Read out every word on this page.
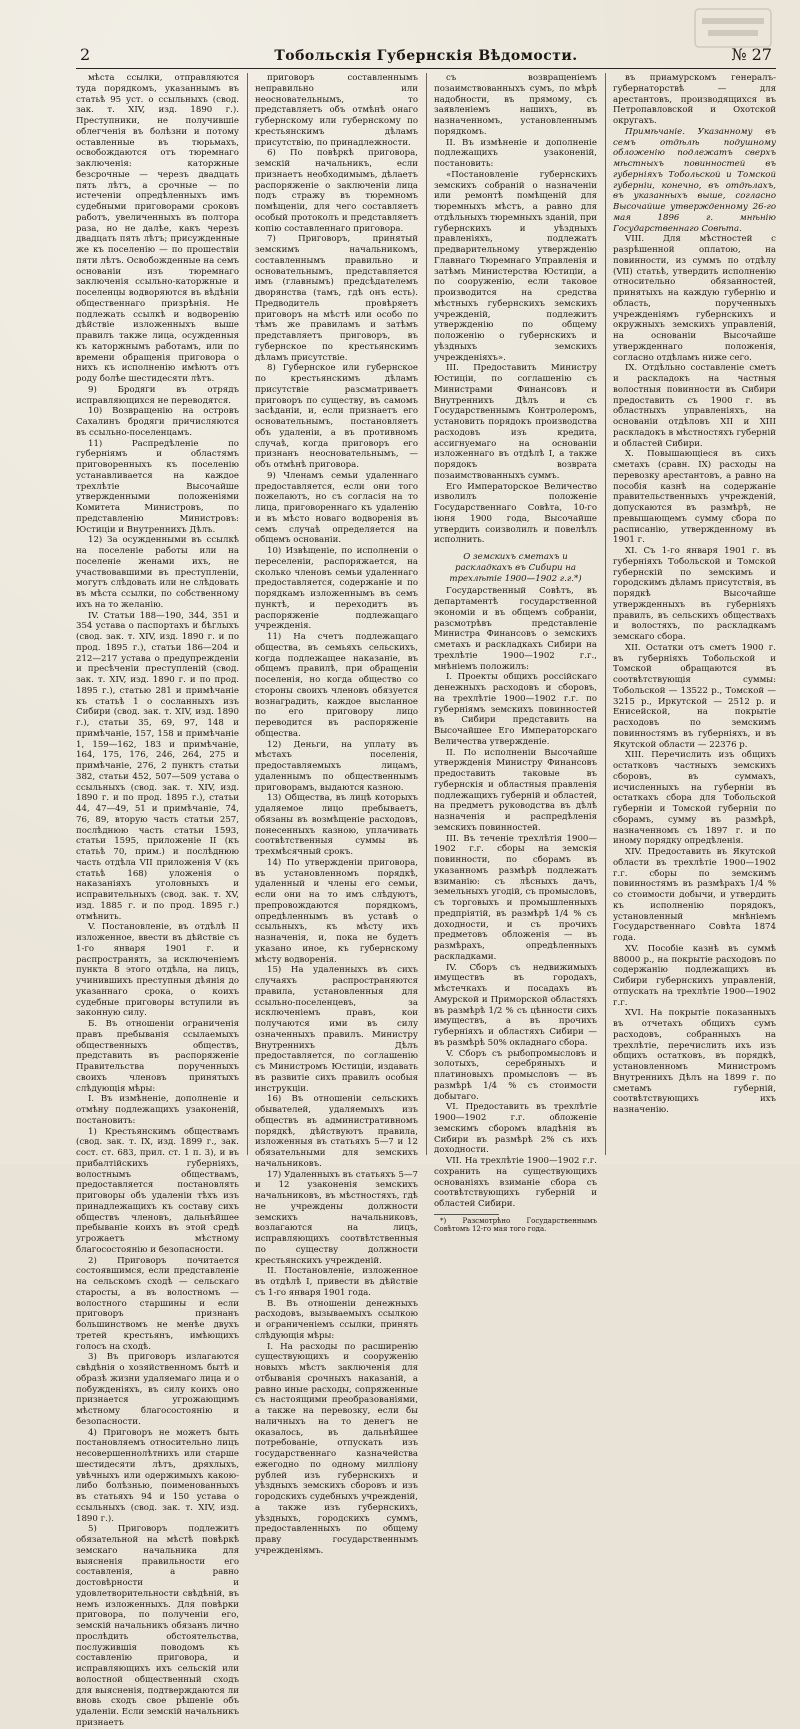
2	Тобольскія Губернскія Вѣдомости.	№ 27

мѣста ссылки, отправляются туда порядкомъ, указаннымъ въ статьѣ 95 уст. о ссыльныхъ (свод. зак. т. XIV, изд. 1890 г.). Преступники, не получившіе облегченія въ болѣзни и потому оставленные въ тюрьмахъ, освобождаются отъ тюремнаго заключенія: каторжные безсрочные — черезъ двадцать пять лѣтъ, а срочные — по истеченіи опредѣленныхъ имъ судебными приговорами сроковъ работъ, увеличенныхъ въ полтора раза, но не далѣе, какъ черезъ двадцать пять лѣтъ; присужденные же къ поселенію — по прошествіи пяти лѣтъ. Освобожденные на семъ основаніи изъ тюремнаго заключенія ссыльно-каторжные и поселенцы водворяются въ вѣдѣніи общественнаго призрѣнія. Не подлежать ссылкѣ и водворенію дѣйствіе изложенныхъ выше правилъ также лица, осужденныя къ каторжнымъ работамъ, или по времени обращенія приговора о нихъ къ исполненію имѣютъ отъ роду болѣе шестидесяти лѣтъ.

9) Бродяги въ отрядъ исправляющихся не переводятся.

10) Возвращенію на островъ Сахалинъ бродяги причисляются въ ссыльно-поселенцамъ.

11) Распредѣленіе по губерніямъ и областямъ приговоренныхъ къ поселенію устанавливается на каждое трехлѣтіе Высочайше утвержденными положеніями Комитета Министровъ, по представленію Министровъ: Юстиціи и Внутреннихъ Дѣлъ.

12) За осужденными въ ссылкѣ на поселеніе работы или на поселеніе женами ихъ, не участвовавшими въ преступленіи, могутъ слѣдовать или не слѣдовать въ мѣста ссылки, по собственному ихъ на то желанію.

IV. Статьи 188—190, 344, 351 и 354 устава о паспортахъ и бѣглыхъ (свод. зак. т. XIV, изд. 1890 г. и по прод. 1895 г.), статьи 186—204 и 212—217 устава о предупрежденіи и пресѣченіи преступленій (свод. зак. т. XIV, изд. 1890 г. и по прод. 1895 г.), статью 281 и примѣчаніе къ статьѣ 1 о сосланныхъ изъ Сибири (свод. зак. т. XIV, изд. 1890 г.), статьи 35, 69, 97, 148 и примѣчаніе, 157, 158 и примѣчаніе 1, 159—162, 183 и примѣчаніе, 164, 175, 176, 246, 264, 275 и примѣчаніе, 276, 2 пунктъ статьи 382, статьи 452, 507—509 устава о ссыльныхъ (свод. зак. т. XIV, изд. 1890 г. и по прод. 1895 г.), статьи 44, 47—49, 51 и примѣчаніе, 74, 76, 89, вторую часть статьи 257, послѣднюю часть статьи 1593, статьи 1595, приложеніе II (къ статьѣ 70, прим.) и послѣднюю часть отдѣла VII приложенія V (къ статьѣ 168) уложенія о наказаніяхъ уголовныхъ и исправительныхъ (свод. зак. т. XV, изд. 1885 г. и по прод. 1895 г.) отмѣнить.

V. Постановленіе, въ отдѣлѣ II изложенное, ввести въ дѣйствіе съ 1-го января 1901 г. и распространять, за исключеніемъ пункта 8 этого отдѣла, на лицъ, учинившихъ преступныя дѣянія до указаннаго срока, о коихъ судебные приговоры вступили въ законную силу.

Б. Въ отношеніи ограниченія правъ пребыванія ссылаемыхъ общественныхъ обществъ, представить въ распоряженіе Правительства порученныхъ своихъ членовъ принятыхъ слѣдующія мѣры:

I. Въ измѣненіе, дополненіе и отмѣну подлежащихъ узаконеній, постановить:

1) Крестьянскимъ обществамъ (свод. зак. т. IX, изд. 1899 г., зак. сост. ст. 683, прил. ст. 1 п. 3), и въ прибалтійскихъ губерніяхъ, волостнымъ обществамъ, предоставляется постановлять приговоры объ удаленіи тѣхъ изъ принадлежащихъ къ составу сихъ обществъ членовъ, дальнѣйшее пребываніе коихъ въ этой средѣ угрожаетъ мѣстному благосостоянію и безопасности.

2) Приговоръ почитается состоявшимся, если представленіе на сельскомъ сходѣ — сельскаго старосты, а въ волостномъ — волостного старшины и если приговоръ признанъ большинствомъ не менѣе двухъ третей крестьянъ, имѣющихъ голосъ на сходѣ.

3) Въ приговоръ излагаются свѣдѣнія о хозяйственномъ бытѣ и образѣ жизни удаляемаго лица и о побужденіяхъ, въ силу коихъ оно признается угрожающимъ мѣстному благосостоянію и безопасности.

4) Приговоръ не можетъ быть постановляемъ относительно лицъ несовершеннолѣтнихъ или старше шестидесяти лѣтъ, дряхлыхъ, увѣчныхъ или одержимыхъ какою-либо болѣзнью, поименованныхъ въ статьяхъ 94 и 150 устава о ссыльныхъ (свод. зак. т. XIV, изд. 1890 г.).

5) Приговоръ подлежитъ обязательной на мѣстѣ повѣркѣ земскаго начальника для выясненія правильности его составленія, а равно достовѣрности и удовлетворительности свѣдѣній, въ немъ изложенныхъ. Для повѣрки приговора, по полученіи его, земскій начальникъ обязанъ лично прослѣдить обстоятельства, послужившія поводомъ къ составленію приговора, и исправляющихъ ихъ сельскій или волостной общественный сходъ для выясненія, подтверждаются ли вновь сходъ свое рѣшеніе объ удаленіи. Если земскій начальникъ признаетъ

приговоръ составленнымъ неправильно или неосновательнымъ, то представляетъ объ отмѣнѣ онаго губернскому или губернскому по крестьянскимъ дѣламъ присутствію, по принадлежности.

6) По повѣркѣ приговора, земскій начальникъ, если признаетъ необходимымъ, дѣлаетъ распоряженіе о заключеніи лица подъ стражу въ тюремномъ помѣщеніи, для чего составляетъ особый протоколъ и представляетъ копію составленнаго приговора.

7) Приговоръ, принятый земскимъ начальникомъ, составленнымъ правильно и основательнымъ, представляется имъ (главнымъ) предсѣдателемъ дворянства (тамъ, гдѣ онъ есть). Предводитель провѣряетъ приговоръ на мѣстѣ или особо по тѣмъ же правиламъ и затѣмъ представляетъ приговоръ, въ губернское по крестьянскимъ дѣламъ присутствіе.

8) Губернское или губернское по крестьянскимъ дѣламъ присутствіе разсматриваетъ приговоръ по существу, въ самомъ засѣданіи, и, если признаетъ его основательнымъ, постановляетъ объ удаленіи, а въ противномъ случаѣ, когда приговоръ его признанъ неосновательнымъ, — объ отмѣнѣ приговора.

9) Членамъ семьи удаленнаго предоставляется, если они того пожелаютъ, но съ согласія на то лица, приговореннаго къ удаленію и въ мѣсто новаго водворенія въ семъ случаѣ определяется на общемъ основаніи.

10) Извѣщеніе, по исполненіи о переселеніи, распоряжается, на сколько членовъ семьи удаленнаго предоставляется, содержаніе и по порядкамъ изложеннымъ въ семъ пунктѣ, и переходитъ въ распоряженіе подлежащаго учрежденія.

11) На счетъ подлежащаго общества, въ семьяхъ сельскихъ, когда подлежащее наказаніе, въ общемъ правилѣ, при обращеніи поселенія, но когда общество со стороны своихъ членовъ обязуется вознаградить, каждое высланное по его приговору лицо переводится въ распоряженіе общества.

12) Деньги, на уплату въ мѣстахъ поселенія, предоставляемыхъ лицамъ, удаленнымъ по общественнымъ приговорамъ, выдаются казною.

13) Общества, въ лицѣ которыхъ удаляемое лицо пребываетъ, обязаны въ возмѣщеніе расходовъ, понесенныхъ казною, уплачивать соотвѣтственныя суммы въ трехмѣсячный срокъ.

14) По утвержденіи приговора, въ установленномъ порядкѣ, удаленный и члены его семьи, если они на то имъ слѣдуютъ, препровождаются порядкомъ, опредѣленнымъ въ уставѣ о ссыльныхъ, къ мѣсту ихъ назначенія, и, пока не будетъ указано иное, къ губернскому мѣсту водворенія.

15) На удаленныхъ въ сихъ случаяхъ распространяются правила, установленныя для ссыльно-поселенцевъ, за исключеніемъ правъ, кои получаются ими въ силу означенныхъ правилъ. Министру Внутреннихъ Дѣлъ предоставляется, по соглашенію съ Министромъ Юстиціи, издавать въ развитіе сихъ правилъ особыя инструкціи.

16) Въ отношеніи сельскихъ обывателей, удаляемыхъ изъ обществъ въ административномъ порядкѣ, дѣйствуютъ правила, изложенныя въ статьяхъ 5—7 и 12 обязательными для земскихъ начальниковъ.

17) Удаленныхъ въ статьяхъ 5—7 и 12 узаконенія земскихъ начальниковъ, въ мѣстностяхъ, гдѣ не учреждены должности земскихъ начальниковъ, возлагаются на лицъ, исправляющихъ соотвѣтственныя по существу должности крестьянскихъ учрежденій.

II. Постановленіе, изложенное въ отдѣлѣ I, привести въ дѣйствіе съ 1-го января 1901 года.

В. Въ отношеніи денежныхъ расходовъ, вызываемыхъ ссылкою и ограниченіемъ ссылки, принять слѣдующія мѣры:

I. На расходы по расширенію существующихъ и сооруженію новыхъ мѣстъ заключенія для отбыванія срочныхъ наказаній, а равно иные расходы, сопряженные съ настоящими преобразованіями, а также на перевозку, если бы наличныхъ на то денегъ не оказалось, въ дальнѣйшее потребованіе, отпускать изъ государственнаго казначейства ежегодно по одному милліону рублей изъ губернскихъ и уѣздныхъ земскихъ сборовъ и изъ городскихъ судебныхъ учрежденій, а также изъ губернскихъ, уѣздныхъ, городскихъ суммъ, предоставленныхъ по общему праву государственнымъ учрежденіямъ.

съ возвращеніемъ позаимствованныхъ сумъ, по мѣрѣ надобности, въ прямому, съ заявленіемъ нашихъ, въ назначенномъ, установленнымъ порядкомъ.

II. Въ измѣненіе и дополненіе подлежащихъ узаконеній, постановить:

«Постановленіе губернскихъ земскихъ собраній о назначеніи или ремонтѣ помѣщеній для тюремныхъ мѣстъ, а равно для отдѣльныхъ тюремныхъ зданій, при губернскихъ и уѣздныхъ правленіяхъ, подлежатъ предварительному утвержденію Главнаго Тюремнаго Управленія и затѣмъ Министерства Юстиціи, а по сооруженію, если таковое производится на средства мѣстныхъ губернскихъ земскихъ учрежденій, подлежитъ утвержденію по общему положенію о губернскихъ и уѣздныхъ земскихъ учрежденіяхъ».

III. Предоставить Министру Юстиціи, по соглашенію съ Министрами Финансовъ и Внутреннихъ Дѣлъ и съ Государственнымъ Контролеромъ, установить порядокъ производства расходовъ изъ кредита, ассигнуемаго на основаніи изложеннаго въ отдѣлѣ I, а также порядокъ возврата позаимствованныхъ суммъ.

Его Императорское Величество изволилъ положеніе Государственнаго Совѣта, 10-го іюня 1900 года, Высочайше утвердить соизволилъ и повелѣлъ исполнить.

О земскихъ сметахъ и раскладкахъ въ Сибири на трехлѣтіе 1900—1902 г.г.*)

Государственный Совѣтъ, въ департаментѣ государственной экономіи и въ общемъ собраніи, разсмотрѣвъ представленіе Министра Финансовъ о земскихъ сметахъ и раскладкахъ Сибири на трехлѣтіе 1900—1902 г.г., мнѣніемъ положилъ:

I. Проекты общихъ россійскаго денежныхъ расходовъ и сборовъ, на трехлѣтіе 1900—1902 г.г. по губерніямъ земскихъ повинностей въ Сибири представить на Высочайшее Его Императорскаго Величества утвержденіе.

II. По исполненіи Высочайше утвержденія Министру Финансовъ предоставить таковые въ губернскія и областныя правленія подлежащихъ губерній и областей, на предметъ руководства въ дѣлѣ назначенія и распредѣленія земскихъ повинностей.

III. Въ теченіе трехлѣтія 1900—1902 г.г. сборы на земскія повинности, по сборамъ въ указанномъ размѣрѣ подлежатъ взиманію: съ лѣсныхъ дачъ, земельныхъ угодій, съ промысловъ, съ торговыхъ и промышленныхъ предпріятій, въ размѣрѣ 1/4 % съ доходности, и съ прочихъ предметовъ обложенія — въ размѣрахъ, опредѣленныхъ раскладками.

IV. Сборъ съ недвижимыхъ имуществъ въ городахъ, мѣстечкахъ и посадахъ въ Амурской и Приморской областяхъ въ размѣрѣ 1/2 % съ цѣнности сихъ имуществъ, а въ прочихъ губерніяхъ и областяхъ Сибири — въ размѣрѣ 50% окладнаго сбора.

V. Сборъ съ рыбопромысловъ и золотыхъ, серебряныхъ и платиновыхъ промысловъ — въ размѣрѣ 1/4 % съ стоимости добытаго.

VI. Предоставить въ трехлѣтіе 1900—1902 г.г. обложеніе земскимъ сборомъ владѣнія въ Сибири въ размѣрѣ 2% съ ихъ доходности.

VII. На трехлѣтіе 1900—1902 г.г. сохранить на существующихъ основаніяхъ взиманіе сбора съ соотвѣтствующихъ губерній и областей Сибири.

*) Разсмотрѣно Государственнымъ Совѣтомъ 12-го мая того года.

въ приамурскомъ генералъ-губернаторствѣ — для арестантовъ, производящихся въ Петропавловской и Охотской округахъ.

Примѣчаніе. Указанному въ семъ отдѣлѣ подушному обложенію подлежатъ сверхъ мѣстныхъ повинностей въ губерніяхъ Тобольской и Томской губерніи, конечно, въ отдѣлахъ, въ указанныхъ выше, согласно Высочайше утвержденному 26-го мая 1896 г. мнѣнію Государственнаго Совѣта.

VIII. Для мѣстностей с разрѣшенной оплатою, на повинности, из суммъ по отдѣлу (VII) статьѣ, утвердить исполненію относительно обязанностей, принятыхъ на каждую губернію и область, порученныхъ учрежденіямъ губернскихъ и окружныхъ земскихъ управленій, на основаніи Высочайше утвержденнаго положенія, согласно отдѣламъ ниже сего.

IX. Отдѣльно составленіе сметъ и раскладокъ на частныя волостныя повинности въ Сибири предоставить съ 1900 г. въ областныхъ управленіяхъ, на основаніи отдѣловъ XII и XIII раскладокъ в мѣстностяхъ губерній и областей Сибири.

X. Повышающіеся въ сихъ сметахъ (сравн. IX) расходы на перевозку арестантовъ, а равно на пособія казнѣ на содержаніе правительственныхъ учрежденій, допускаются въ размѣрѣ, не превышающемъ сумму сбора по расписанію, утвержденному въ 1901 г.

XI. Съ 1-го января 1901 г. въ губерніяхъ Тобольской и Томской губернскій по земскимъ и городскимъ дѣламъ присутствія, въ порядкѣ Высочайше утвержденныхъ въ губерніяхъ правилъ, въ сельскихъ обществахъ и волостяхъ, по раскладкамъ земскаго сбора.

XII. Остатки отъ сметъ 1900 г. въ губерніяхъ Тобольской и Томской обращаются въ соотвѣтствующія суммы: Тобольской — 13522 р., Томской — 3215 р., Иркутской — 2512 р. и Енисейской, на покрытіе расходовъ по земскимъ повинностямъ въ губерніяхъ, и въ Якутской области — 22376 р.

XIII. Перечислить изъ общихъ остатковъ частныхъ земскихъ сборовъ, въ суммахъ, исчисленныхъ на губерніи въ остаткахъ сбора для Тобольской губерніи и Томской губерніи по сборамъ, сумму въ размѣрѣ, назначенномъ съ 1897 г. и по иному порядку опредѣленія.

XIV. Предоставить въ Якутской области въ трехлѣтіе 1900—1902 г.г. сборы по земскимъ повинностямъ въ размѣрахъ 1/4 % со стоимости добычи, и утвердить къ исполненію порядокъ, установленный мнѣніемъ Государственнаго Совѣта 1874 года.

XV. Пособіе казнѣ въ суммѣ 88000 р., на покрытіе расходовъ по содержанію подлежащихъ въ Сибири губернскихъ управленій, отпускать на трехлѣтіе 1900—1902 г.г.

XVI. На покрытіе показанныхъ въ отчетахъ общихъ сумъ расходовъ, собранныхъ на трехлѣтіе, перечислить ихъ изъ общихъ остатковъ, въ порядкѣ, установленномъ Министромъ Внутреннихъ Дѣлъ на 1899 г. по сметамъ губерній, соотвѣтствующихъ ихъ назначенію.
